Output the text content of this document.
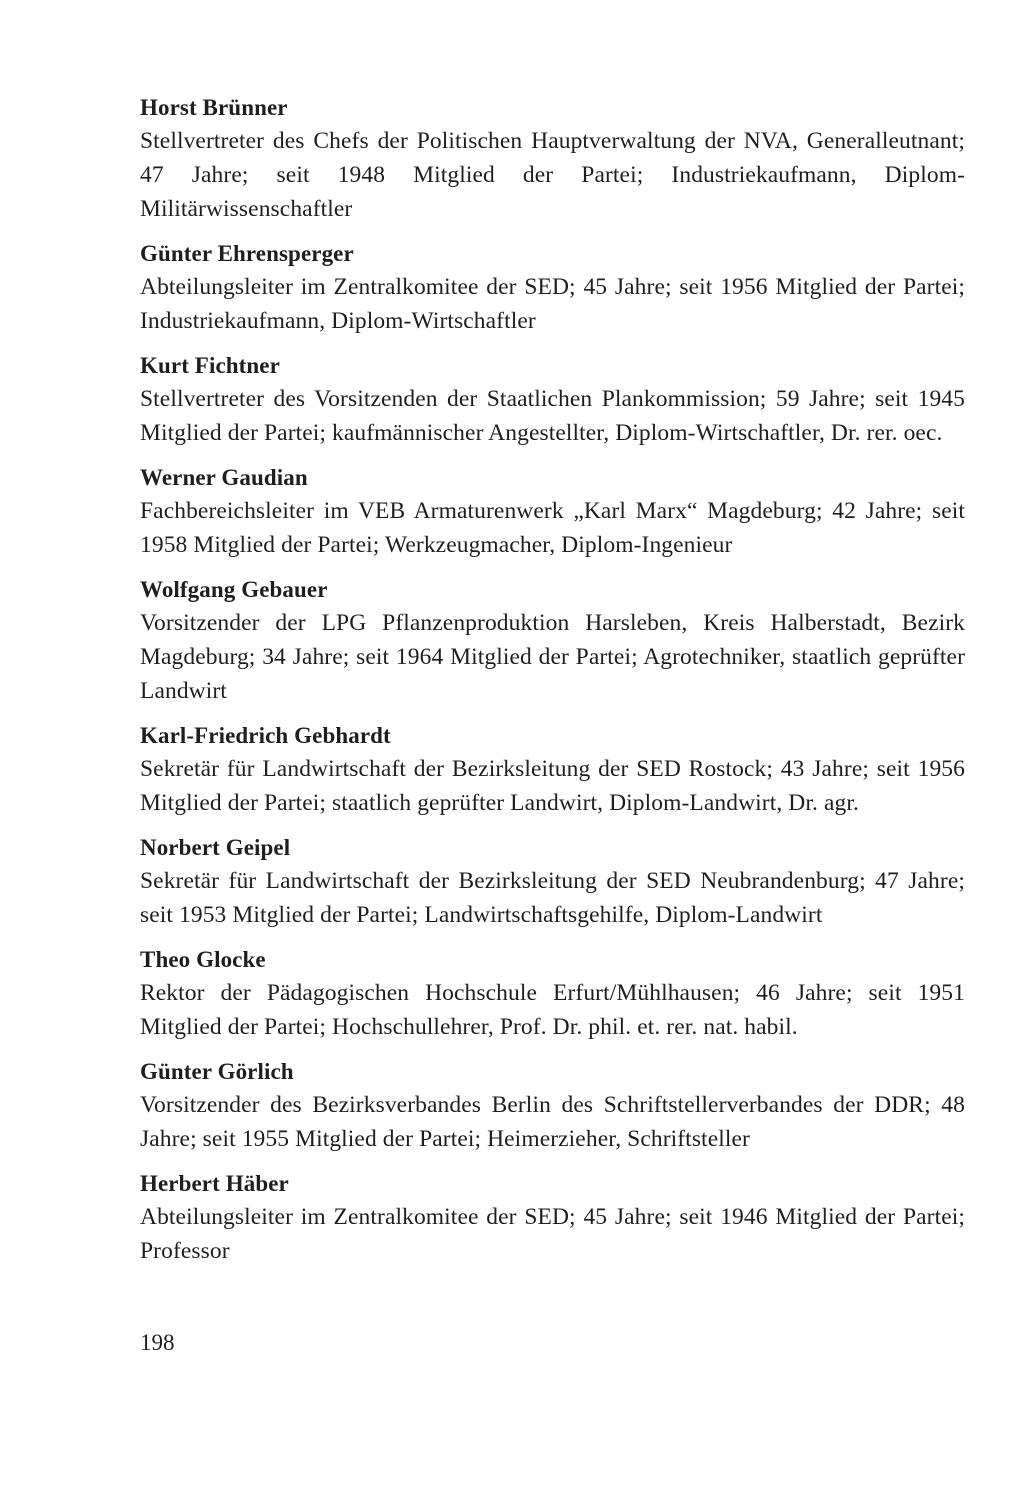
Horst Brünner
Stellvertreter des Chefs der Politischen Hauptverwaltung der NVA, Generalleutnant; 47 Jahre; seit 1948 Mitglied der Partei; Industriekaufmann, Diplom-Militärwissenschaftler
Günter Ehrensperger
Abteilungsleiter im Zentralkomitee der SED; 45 Jahre; seit 1956 Mitglied der Partei; Industriekaufmann, Diplom-Wirtschaftler
Kurt Fichtner
Stellvertreter des Vorsitzenden der Staatlichen Plankommission; 59 Jahre; seit 1945 Mitglied der Partei; kaufmännischer Angestellter, Diplom-Wirtschaftler, Dr. rer. oec.
Werner Gaudian
Fachbereichsleiter im VEB Armaturenwerk „Karl Marx“ Magdeburg; 42 Jahre; seit 1958 Mitglied der Partei; Werkzeugmacher, Diplom-Ingenieur
Wolfgang Gebauer
Vorsitzender der LPG Pflanzenproduktion Harsleben, Kreis Halberstadt, Bezirk Magdeburg; 34 Jahre; seit 1964 Mitglied der Partei; Agrotechniker, staatlich geprüfter Landwirt
Karl-Friedrich Gebhardt
Sekretär für Landwirtschaft der Bezirksleitung der SED Rostock; 43 Jahre; seit 1956 Mitglied der Partei; staatlich geprüfter Landwirt, Diplom-Landwirt, Dr. agr.
Norbert Geipel
Sekretär für Landwirtschaft der Bezirksleitung der SED Neubrandenburg; 47 Jahre; seit 1953 Mitglied der Partei; Landwirtschaftsgehilfe, Diplom-Landwirt
Theo Glocke
Rektor der Pädagogischen Hochschule Erfurt/Mühlhausen; 46 Jahre; seit 1951 Mitglied der Partei; Hochschullehrer, Prof. Dr. phil. et. rer. nat. habil.
Günter Görlich
Vorsitzender des Bezirksverbandes Berlin des Schriftstellerverbandes der DDR; 48 Jahre; seit 1955 Mitglied der Partei; Heimerzieher, Schriftsteller
Herbert Häber
Abteilungsleiter im Zentralkomitee der SED; 45 Jahre; seit 1946 Mitglied der Partei; Professor
198
